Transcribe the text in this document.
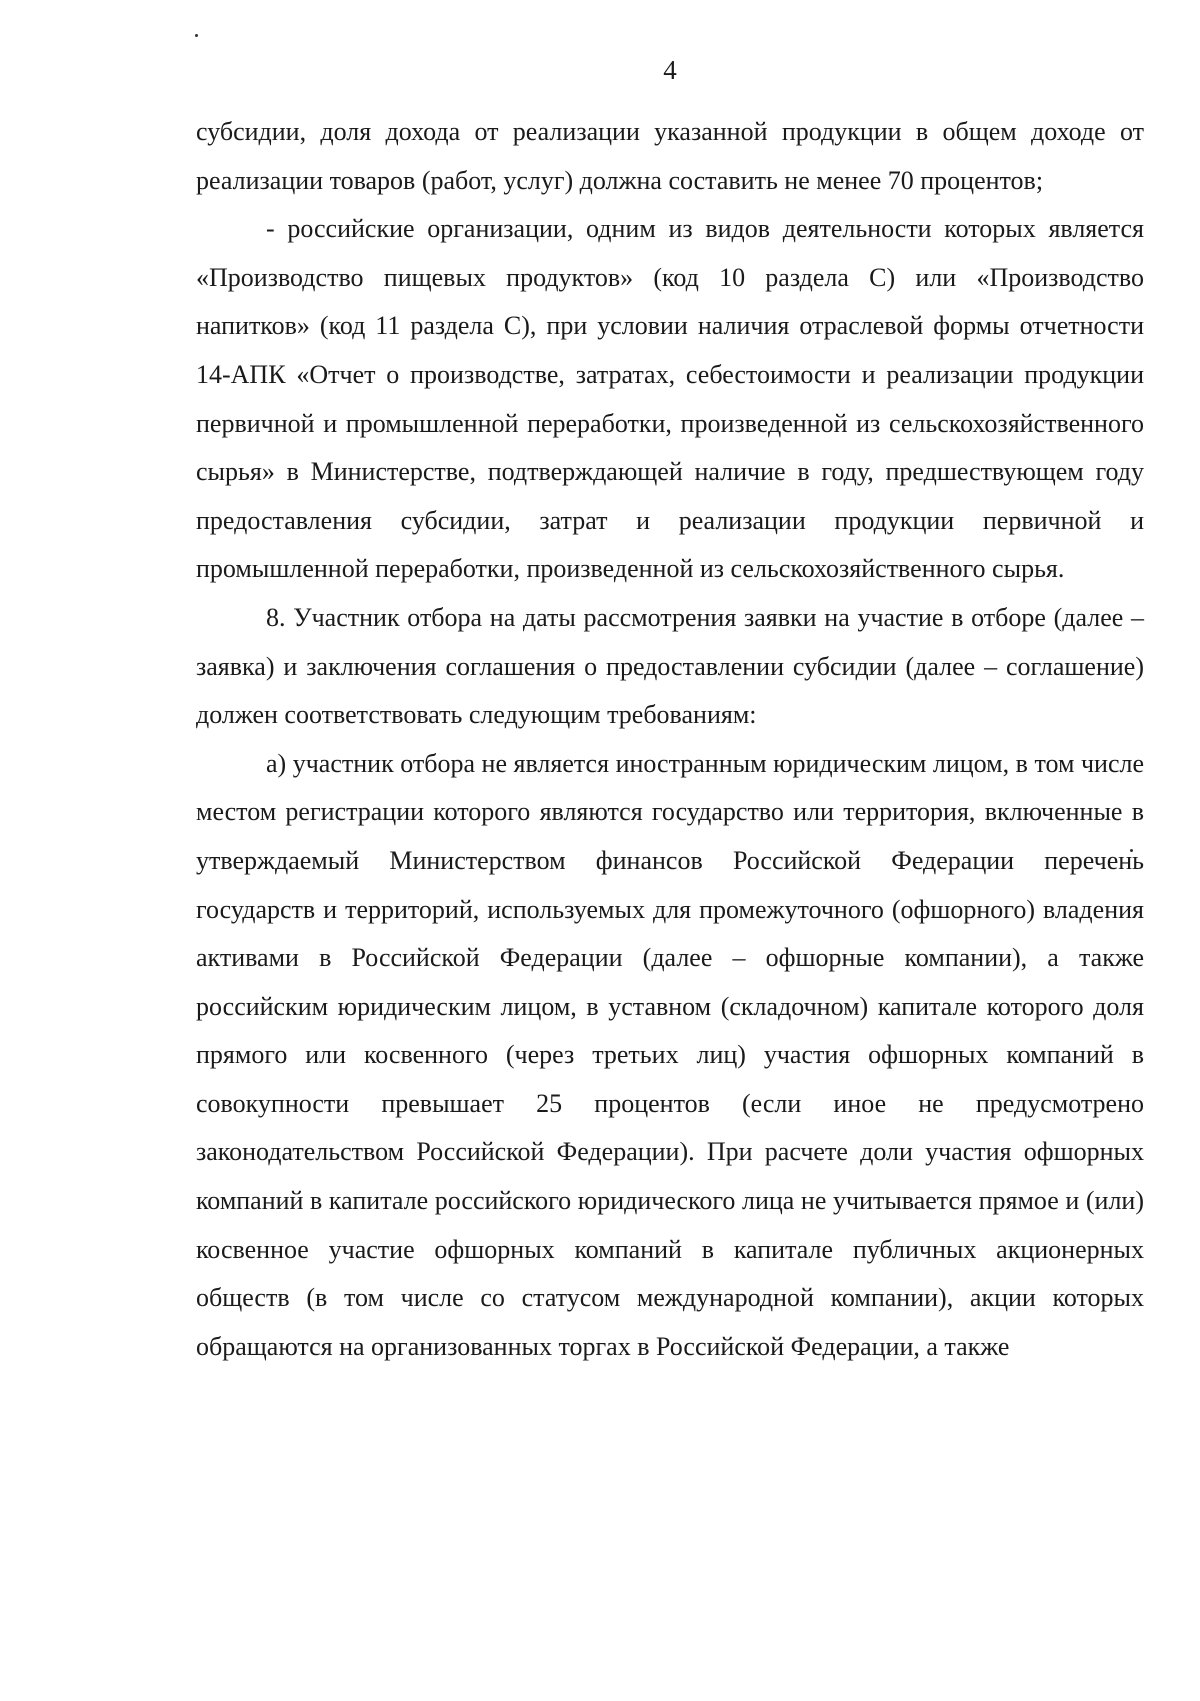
4

субсидии, доля дохода от реализации указанной продукции в общем доходе от реализации товаров (работ, услуг) должна составить не менее 70 процентов;

- российские организации, одним из видов деятельности которых является «Производство пищевых продуктов» (код 10 раздела С) или «Производство напитков» (код 11 раздела С), при условии наличия отраслевой формы отчетности 14-АПК «Отчет о производстве, затратах, себестоимости и реализации продукции первичной и промышленной переработки, произведенной из сельскохозяйственного сырья» в Министерстве, подтверждающей наличие в году, предшествующем году предоставления субсидии, затрат и реализации продукции первичной и промышленной переработки, произведенной из сельскохозяйственного сырья.

8. Участник отбора на даты рассмотрения заявки на участие в отборе (далее – заявка) и заключения соглашения о предоставлении субсидии (далее – соглашение) должен соответствовать следующим требованиям:

а) участник отбора не является иностранным юридическим лицом, в том числе местом регистрации которого являются государство или территория, включенные в утверждаемый Министерством финансов Российской Федерации перечень государств и территорий, используемых для промежуточного (офшорного) владения активами в Российской Федерации (далее – офшорные компании), а также российским юридическим лицом, в уставном (складочном) капитале которого доля прямого или косвенного (через третьих лиц) участия офшорных компаний в совокупности превышает 25 процентов (если иное не предусмотрено законодательством Российской Федерации). При расчете доли участия офшорных компаний в капитале российского юридического лица не учитывается прямое и (или) косвенное участие офшорных компаний в капитале публичных акционерных обществ (в том числе со статусом международной компании), акции которых обращаются на организованных торгах в Российской Федерации, а также
